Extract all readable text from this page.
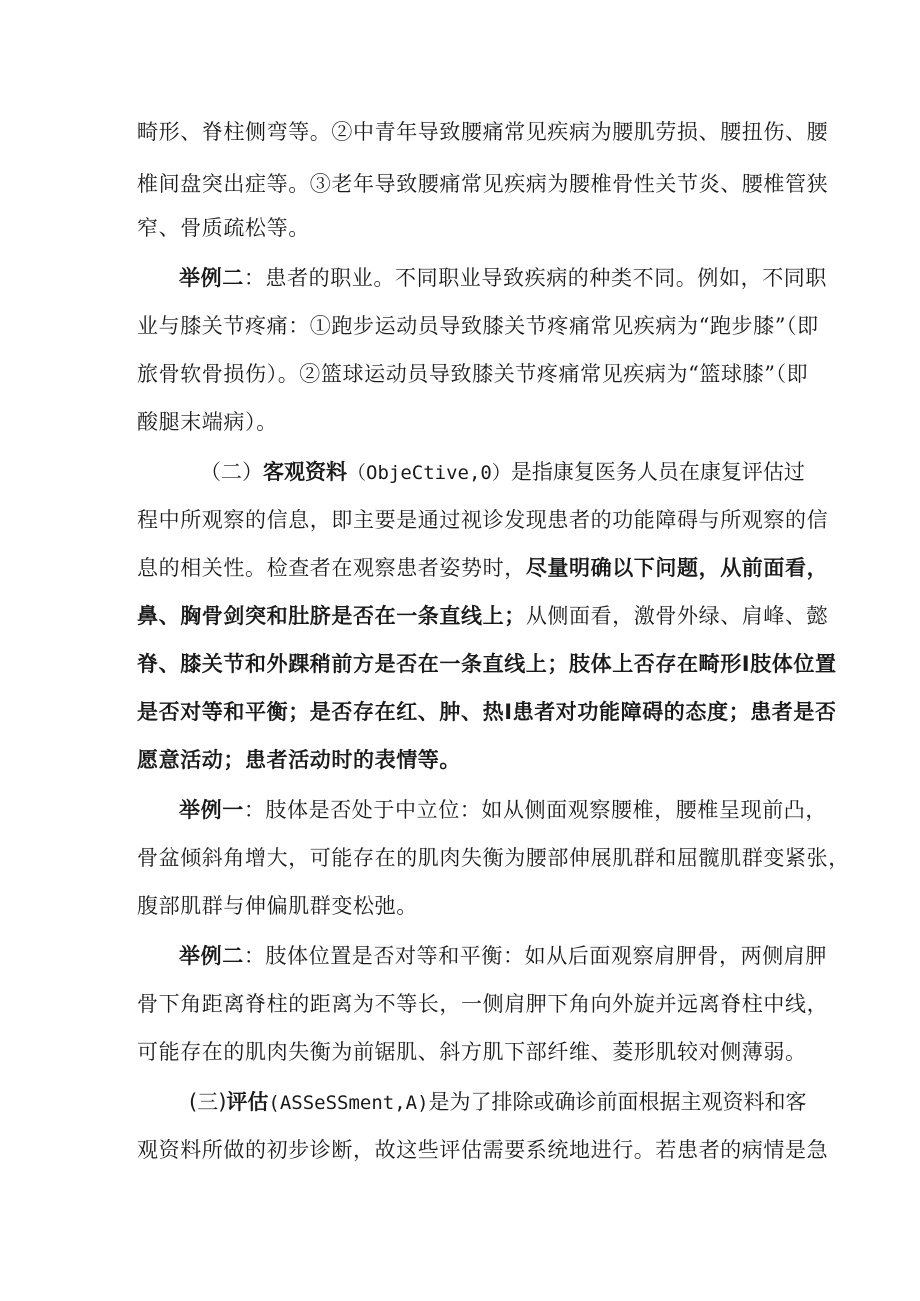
畸形、脊柱侧弯等。②中青年导致腰痛常见疾病为腰肌劳损、腰扭伤、腰
椎间盘突出症等。③老年导致腰痛常见疾病为腰椎骨性关节炎、腰椎管狭
窄、骨质疏松等。
举例二：患者的职业。不同职业导致疾病的种类不同。例如，不同职
业与膝关节疼痛：①跑步运动员导致膝关节疼痛常见疾病为“跑步膝”（即
旅骨软骨损伤）。②篮球运动员导致膝关节疼痛常见疾病为“篮球膝”（即
酸腿末端病）。
（二）客观资料（ObjeCtive,0）是指康复医务人员在康复评估过
程中所观察的信息，即主要是通过视诊发现患者的功能障碍与所观察的信
息的相关性。检查者在观察患者姿势时，尽量明确以下问题，从前面看，
鼻、胸骨剑突和肚脐是否在一条直线上；从侧面看，激骨外绿、肩峰、懿
脊、膝关节和外踝稍前方是否在一条直线上；肢体上否存在畸形I肢体位置
是否对等和平衡；是否存在红、肿、热I患者对功能障碍的态度；患者是否
愿意活动；患者活动时的表情等。
举例一：肢体是否处于中立位：如从侧面观察腰椎，腰椎呈现前凸，
骨盆倾斜角增大，可能存在的肌肉失衡为腰部伸展肌群和屈髋肌群变紧张，
腹部肌群与伸偏肌群变松弛。
举例二：肢体位置是否对等和平衡：如从后面观察肩胛骨，两侧肩胛
骨下角距离脊柱的距离为不等长，一侧肩胛下角向外旋并远离脊柱中线，
可能存在的肌肉失衡为前锯肌、斜方肌下部纤维、菱形肌较对侧薄弱。
(三)评估(ASSeSSment,A)是为了排除或确诊前面根据主观资料和客
观资料所做的初步诊断，故这些评估需要系统地进行。若患者的病情是急
